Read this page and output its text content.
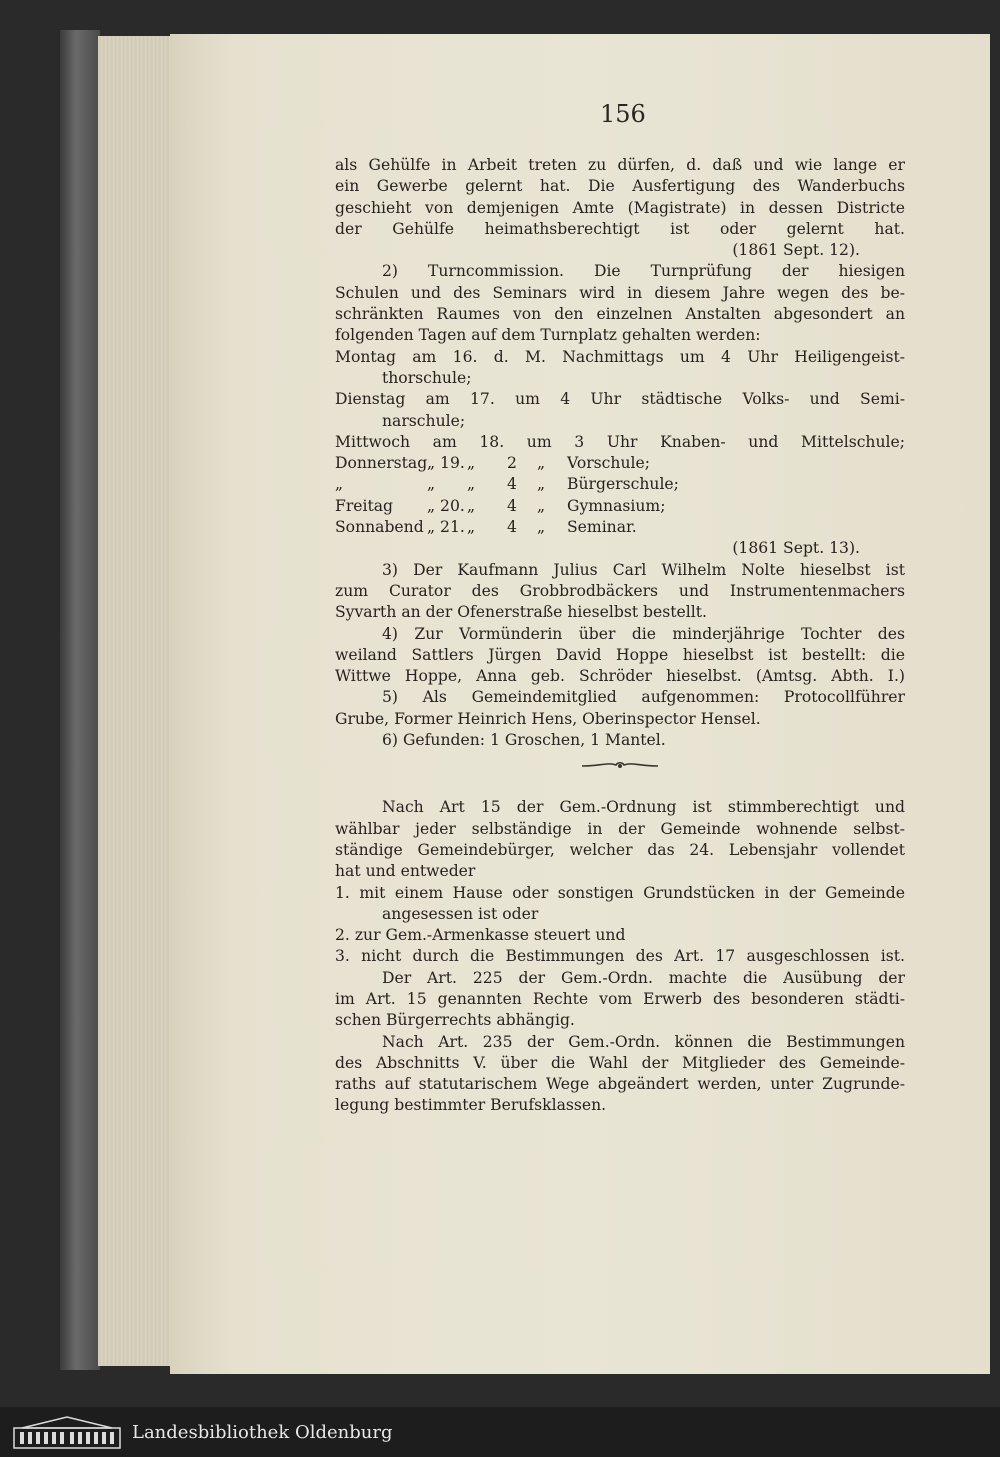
156
als Gehülfe in Arbeit treten zu dürfen, d. daß und wie lange er
ein Gewerbe gelernt hat. Die Ausfertigung des Wanderbuchs
geschieht von demjenigen Amte (Magistrate) in dessen Districte
der Gehülfe heimathsberechtigt ist oder gelernt hat.
(1861 Sept. 12).
2) Turncommission. Die Turnprüfung der hiesigen
Schulen und des Seminars wird in diesem Jahre wegen des be-
schränkten Raumes von den einzelnen Anstalten abgesondert an
folgenden Tagen auf dem Turnplatz gehalten werden:
Montag am 16. d. M. Nachmittags um 4 Uhr Heiligengeist-
thorschule;
Dienstag am 17. um 4 Uhr städtische Volks- und Semi-
narschule;
Mittwoch am 18. um 3 Uhr Knaben- und Mittelschule;
Donnerstag „ 19. „	2	„	Vorschule;
„	„	„	4	„	Bürgerschule;
Freitag	„ 20. „	4	„	Gymnasium;
Sonnabend „ 21. „	4	„	Seminar.
(1861 Sept. 13).
3) Der Kaufmann Julius Carl Wilhelm Nolte hieselbst ist
zum Curator des Grobbrodbäckers und Instrumentenmachers
Syvarth an der Ofenerstraße hieselbst bestellt.
4) Zur Vormünderin über die minderjährige Tochter des
weiland Sattlers Jürgen David Hoppe hieselbst ist bestellt: die
Wittwe Hoppe, Anna geb. Schröder hieselbst. (Amtsg. Abth. I.)
5) Als Gemeindemitglied aufgenommen: Protocollführer
Grube, Former Heinrich Hens, Oberinspector Hensel.
6) Gefunden: 1 Groschen, 1 Mantel.
Nach Art 15 der Gem.-Ordnung ist stimmberechtigt und
wählbar jeder selbständige in der Gemeinde wohnende selbst-
ständige Gemeindebürger, welcher das 24. Lebensjahr vollendet
hat und entweder
1. mit einem Hause oder sonstigen Grundstücken in der Gemeinde
angesessen ist oder
2. zur Gem.-Armenkasse steuert und
3. nicht durch die Bestimmungen des Art. 17 ausgeschlossen ist.
Der Art. 225 der Gem.-Ordn. machte die Ausübung der
im Art. 15 genannten Rechte vom Erwerb des besonderen städti-
schen Bürgerrechts abhängig.
Nach Art. 235 der Gem.-Ordn. können die Bestimmungen
des Abschnitts V. über die Wahl der Mitglieder des Gemeinde-
raths auf statutarischem Wege abgeändert werden, unter Zugrunde-
legung bestimmter Berufsklassen.
Landesbibliothek Oldenburg
